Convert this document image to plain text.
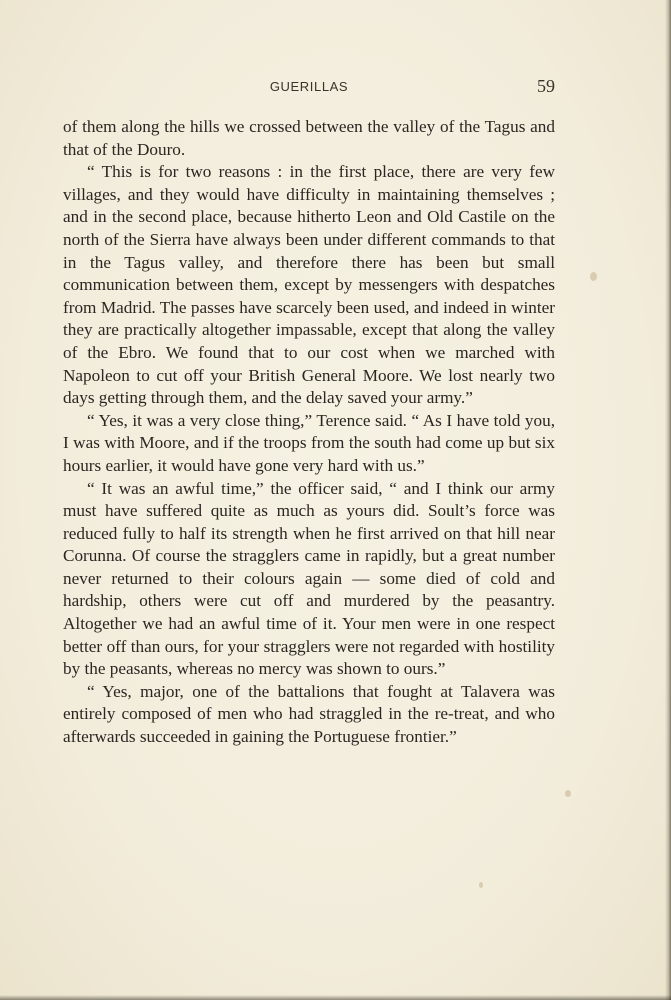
GUERILLAS	59

of them along the hills we crossed between the valley of the Tagus and that of the Douro.

“ This is for two reasons : in the first place, there are very few villages, and they would have difficulty in maintaining themselves ; and in the second place, because hitherto Leon and Old Castile on the north of the Sierra have always been under different commands to that in the Tagus valley, and therefore there has been but small communication between them, except by messengers with despatches from Madrid. The passes have scarcely been used, and indeed in winter they are practically altogether impassable, except that along the valley of the Ebro. We found that to our cost when we marched with Napoleon to cut off your British General Moore. We lost nearly two days getting through them, and the delay saved your army.”

“ Yes, it was a very close thing,” Terence said. “ As I have told you, I was with Moore, and if the troops from the south had come up but six hours earlier, it would have gone very hard with us.”

“ It was an awful time,” the officer said, “ and I think our army must have suffered quite as much as yours did. Soult’s force was reduced fully to half its strength when he first arrived on that hill near Corunna. Of course the stragglers came in rapidly, but a great number never returned to their colours again — some died of cold and hardship, others were cut off and murdered by the peasantry. Altogether we had an awful time of it. Your men were in one respect better off than ours, for your stragglers were not regarded with hostility by the peasants, whereas no mercy was shown to ours.”

“ Yes, major, one of the battalions that fought at Talavera was entirely composed of men who had straggled in the re-treat, and who afterwards succeeded in gaining the Portuguese frontier.”
